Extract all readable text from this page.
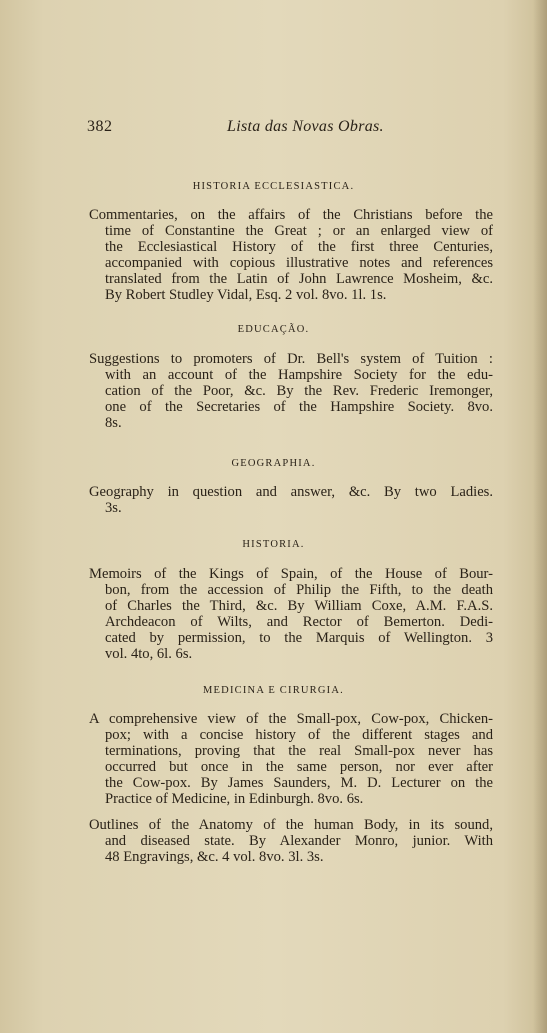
382	Lista das Novas Obras.
HISTORIA ECCLESIASTICA.
Commentaries, on the affairs of the Christians before the
time of Constantine the Great ; or an enlarged view of
the Ecclesiastical History of the first three Centuries,
accompanied with copious illustrative notes and references
translated from the Latin of John Lawrence Mosheim, &c.
By Robert Studley Vidal, Esq. 2 vol. 8vo. 1l. 1s.
EDUCAÇÃO.
Suggestions to promoters of Dr. Bell's system of Tuition :
with an account of the Hampshire Society for the edu-
cation of the Poor, &c. By the Rev. Frederic Iremonger,
one of the Secretaries of the Hampshire Society. 8vo.
8s.
GEOGRAPHIA.
Geography in question and answer, &c. By two Ladies.
3s.
HISTORIA.
Memoirs of the Kings of Spain, of the House of Bour-
bon, from the accession of Philip the Fifth, to the death
of Charles the Third, &c. By William Coxe, A.M. F.A.S.
Archdeacon of Wilts, and Rector of Bemerton. Dedi-
cated by permission, to the Marquis of Wellington. 3
vol. 4to, 6l. 6s.
MEDICINA E CIRURGIA.
A comprehensive view of the Small-pox, Cow-pox, Chicken-
pox; with a concise history of the different stages and
terminations, proving that the real Small-pox never has
occurred but once in the same person, nor ever after
the Cow-pox. By James Saunders, M. D. Lecturer on the
Practice of Medicine, in Edinburgh. 8vo. 6s.
Outlines of the Anatomy of the human Body, in its sound,
and diseased state. By Alexander Monro, junior. With
48 Engravings, &c. 4 vol. 8vo. 3l. 3s.
